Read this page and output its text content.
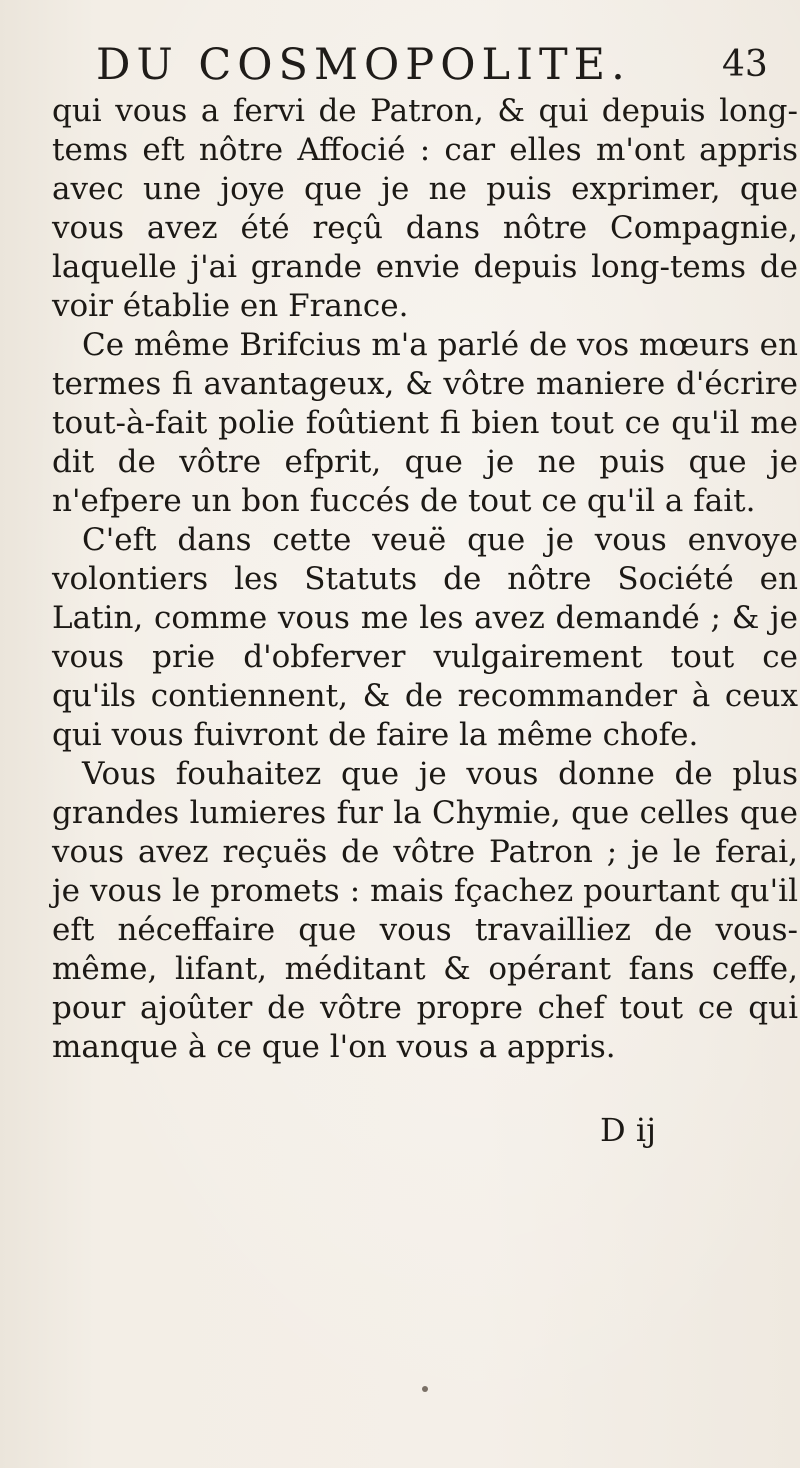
DU COSMOPOLITE.	43

qui vous a fervi de Patron, & qui depuis long-tems eft nôtre Affocié : car elles m'ont appris avec une joye que je ne puis exprimer, que vous avez été reçû dans nôtre Compagnie, laquelle j'ai grande envie depuis long-tems de voir établie en France.

Ce même Brifcius m'a parlé de vos mœurs en termes fi avantageux, & vôtre maniere d'écrire tout-à-fait polie foûtient fi bien tout ce qu'il me dit de vôtre efprit, que je ne puis que je n'efpere un bon fuccés de tout ce qu'il a fait.

C'eft dans cette veuë que je vous envoye volontiers les Statuts de nôtre Société en Latin, comme vous me les avez demandé ; & je vous prie d'obferver vulgairement tout ce qu'ils contiennent, & de recommander à ceux qui vous fuivront de faire la même chofe.

Vous fouhaitez que je vous donne de plus grandes lumieres fur la Chymie, que celles que vous avez reçuës de vôtre Patron ; je le ferai, je vous le promets : mais fçachez pourtant qu'il eft néceffaire que vous travailliez de vous-même, lifant, méditant & opérant fans ceffe, pour ajoûter de vôtre propre chef tout ce qui manque à ce que l'on vous a appris.

D ij
